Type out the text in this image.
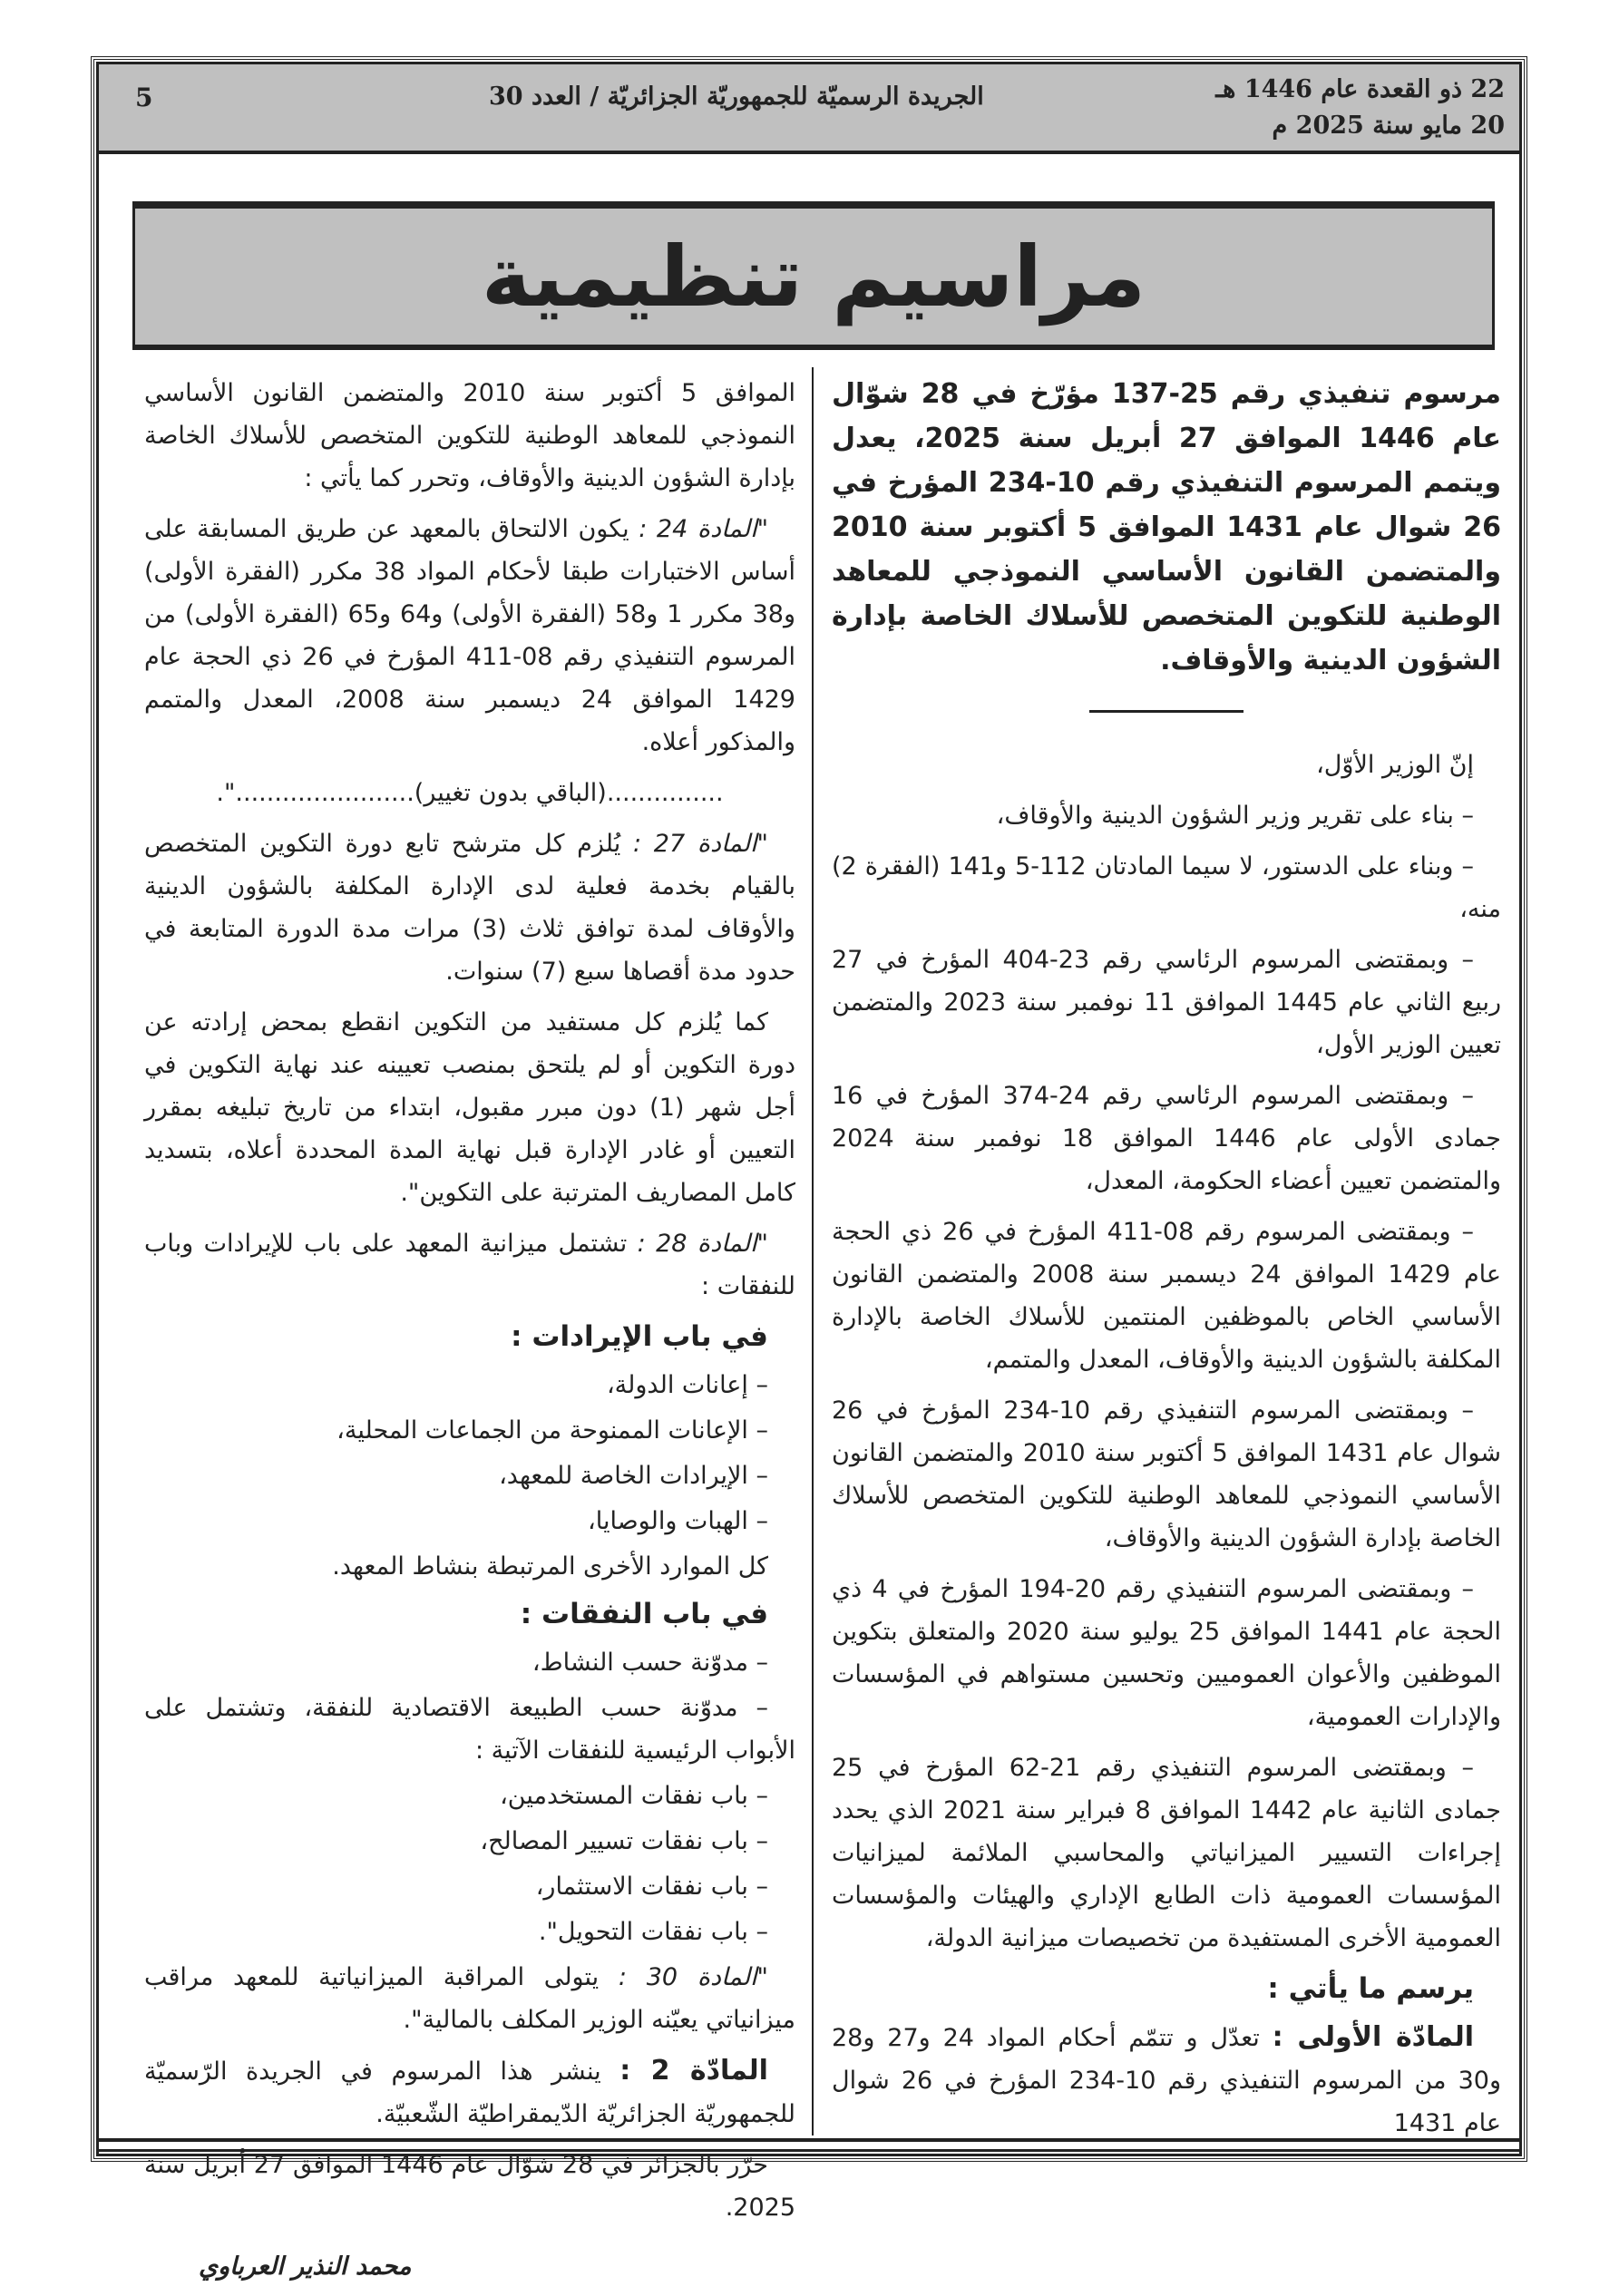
22 ذو القعدة عام 1446 هـ
20 مايو سنة 2025 م
الجريدة الرسميّة للجمهوريّة الجزائريّة / العدد 30
5
مراسيم تنظيمية

مرسوم تنفيذي رقم 25-137 مؤرّخ في 28 شوّال عام 1446 الموافق 27 أبريل سنة 2025، يعدل ويتمم المرسوم التنفيذي رقم 10-234 المؤرخ في 26 شوال عام 1431 الموافق 5 أكتوبر سنة 2010 والمتضمن القانون الأساسي النموذجي للمعاهد الوطنية للتكوين المتخصص للأسلاك الخاصة بإدارة الشؤون الدينية والأوقاف.

إنّ الوزير الأوّل،

– بناء على تقرير وزير الشؤون الدينية والأوقاف،

– وبناء على الدستور، لا سيما المادتان 112-5 و141 (الفقرة 2) منه،

– وبمقتضى المرسوم الرئاسي رقم 23-404 المؤرخ في 27 ربيع الثاني عام 1445 الموافق 11 نوفمبر سنة 2023 والمتضمن تعيين الوزير الأول،

– وبمقتضى المرسوم الرئاسي رقم 24-374 المؤرخ في 16 جمادى الأولى عام 1446 الموافق 18 نوفمبر سنة 2024 والمتضمن تعيين أعضاء الحكومة، المعدل،

– وبمقتضى المرسوم رقم 08-411 المؤرخ في 26 ذي الحجة عام 1429 الموافق 24 ديسمبر سنة 2008 والمتضمن القانون الأساسي الخاص بالموظفين المنتمين للأسلاك الخاصة بالإدارة المكلفة بالشؤون الدينية والأوقاف، المعدل والمتمم،

– وبمقتضى المرسوم التنفيذي رقم 10-234 المؤرخ في 26 شوال عام 1431 الموافق 5 أكتوبر سنة 2010 والمتضمن القانون الأساسي النموذجي للمعاهد الوطنية للتكوين المتخصص للأسلاك الخاصة بإدارة الشؤون الدينية والأوقاف،

– وبمقتضى المرسوم التنفيذي رقم 20-194 المؤرخ في 4 ذي الحجة عام 1441 الموافق 25 يوليو سنة 2020 والمتعلق بتكوين الموظفين والأعوان العموميين وتحسين مستواهم في المؤسسات والإدارات العمومية،

– وبمقتضى المرسوم التنفيذي رقم 21-62 المؤرخ في 25 جمادى الثانية عام 1442 الموافق 8 فبراير سنة 2021 الذي يحدد إجراءات التسيير الميزانياتي والمحاسبي الملائمة لميزانيات المؤسسات العمومية ذات الطابع الإداري والهيئات والمؤسسات العمومية الأخرى المستفيدة من تخصيصات ميزانية الدولة،

يرسم ما يأتي :

المادّة الأولى : تعدّل و تتمّم أحكام المواد 24 و27 و28 و30 من المرسوم التنفيذي رقم 10-234 المؤرخ في 26 شوال عام 1431

الموافق 5 أكتوبر سنة 2010 والمتضمن القانون الأساسي النموذجي للمعاهد الوطنية للتكوين المتخصص للأسلاك الخاصة بإدارة الشؤون الدينية والأوقاف، وتحرر كما يأتي :

"المادة 24 : يكون الالتحاق بالمعهد عن طريق المسابقة على أساس الاختبارات طبقا لأحكام المواد 38 مكرر (الفقرة الأولى) و38 مكرر 1 و58 (الفقرة الأولى) و64 و65 (الفقرة الأولى) من المرسوم التنفيذي رقم 08-411 المؤرخ في 26 ذي الحجة عام 1429 الموافق 24 ديسمبر سنة 2008، المعدل والمتمم والمذكور أعلاه.

...............(الباقي بدون تغيير).......................".

"المادة 27 : يُلزم كل مترشح تابع دورة التكوين المتخصص بالقيام بخدمة فعلية لدى الإدارة المكلفة بالشؤون الدينية والأوقاف لمدة توافق ثلاث (3) مرات مدة الدورة المتابعة في حدود مدة أقصاها سبع (7) سنوات.

كما يُلزم كل مستفيد من التكوين انقطع بمحض إرادته عن دورة التكوين أو لم يلتحق بمنصب تعيينه عند نهاية التكوين في أجل شهر (1) دون مبرر مقبول، ابتداء من تاريخ تبليغه بمقرر التعيين أو غادر الإدارة قبل نهاية المدة المحددة أعلاه، بتسديد كامل المصاريف المترتبة على التكوين".

"المادة 28 : تشتمل ميزانية المعهد على باب للإيرادات وباب للنفقات :

في باب الإيرادات :

– إعانات الدولة،

– الإعانات الممنوحة من الجماعات المحلية،

– الإيرادات الخاصة للمعهد،

– الهبات والوصايا،

كل الموارد الأخرى المرتبطة بنشاط المعهد.

في باب النفقات :

– مدوّنة حسب النشاط،

– مدوّنة حسب الطبيعة الاقتصادية للنفقة، وتشتمل على الأبواب الرئيسية للنفقات الآتية :

– باب نفقات المستخدمين،

– باب نفقات تسيير المصالح،

– باب نفقات الاستثمار،

– باب نفقات التحويل".

"المادة 30 : يتولى المراقبة الميزانياتية للمعهد مراقب ميزانياتي يعيّنه الوزير المكلف بالمالية".

المادّة 2 : ينشر هذا المرسوم في الجريدة الرّسميّة للجمهوريّة الجزائريّة الدّيمقراطيّة الشّعبيّة.

حرّر بالجزائر في 28 شوّال عام 1446 الموافق 27 أبريل سنة 2025.

محمد النذير العرباوي
